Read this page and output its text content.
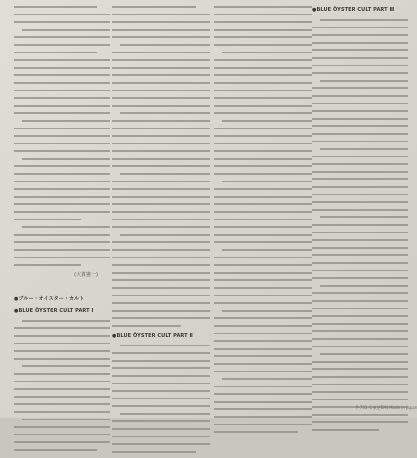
(大貫憲一)
●ブルー・オイスター・カルト
●BLUE ÖYSTER CULT PART Ⅰ
●BLUE ÖYSTER CULT PART Ⅱ
●BLUE ÖYSTER CULT PART Ⅲ
P-731 ©東芝EMI Made in Japan
